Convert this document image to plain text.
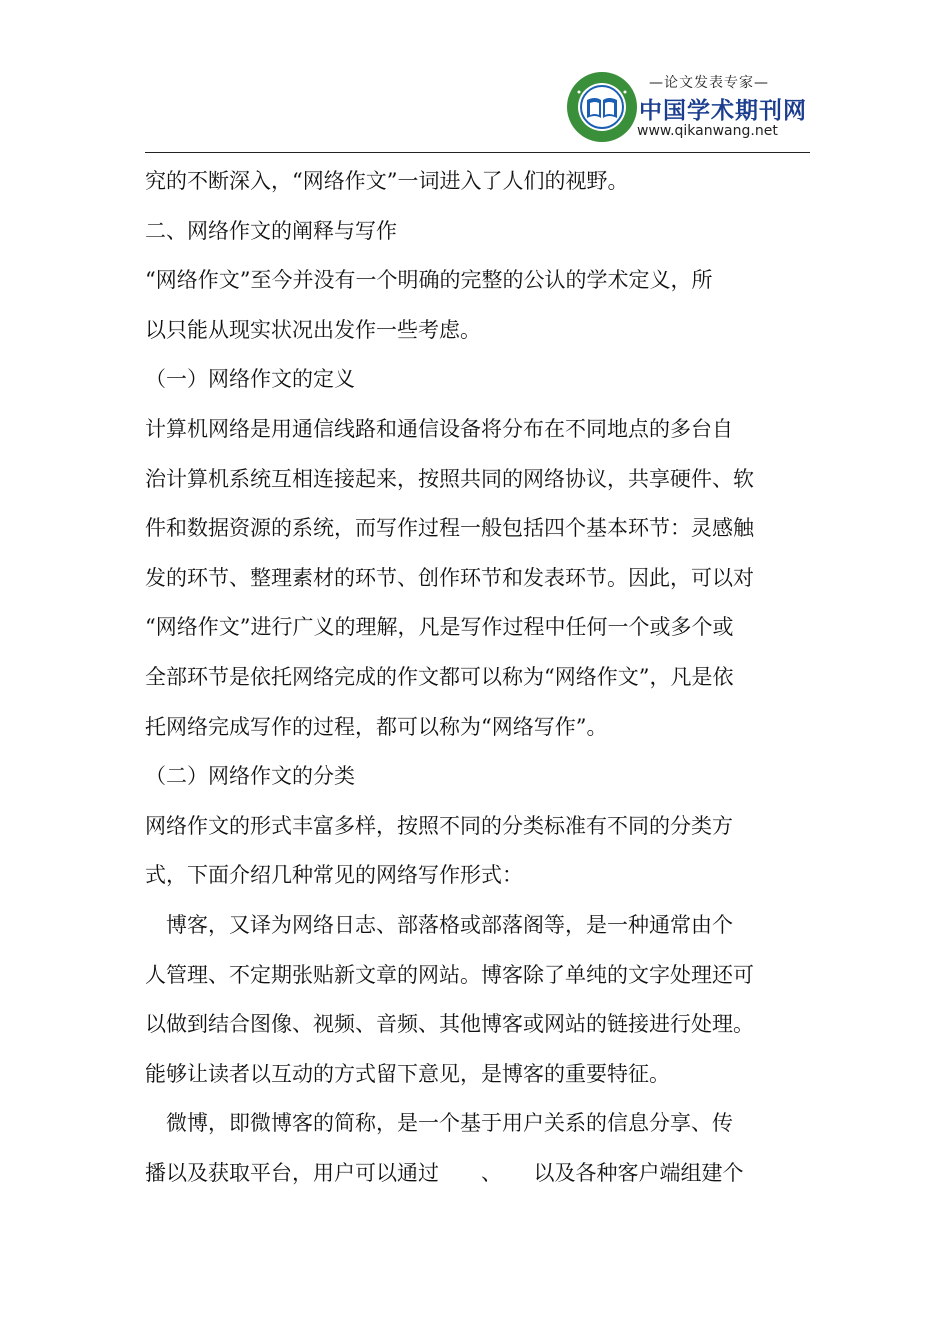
—论文发表专家—
中国学术期刊网
www.qikanwang.net
究的不断深入，“网络作文”一词进入了人们的视野。
二、网络作文的阐释与写作
“网络作文”至今并没有一个明确的完整的公认的学术定义，所
以只能从现实状况出发作一些考虑。
（一）网络作文的定义
计算机网络是用通信线路和通信设备将分布在不同地点的多台自
治计算机系统互相连接起来，按照共同的网络协议，共享硬件、软
件和数据资源的系统，而写作过程一般包括四个基本环节：灵感触
发的环节、整理素材的环节、创作环节和发表环节。因此，可以对
“网络作文”进行广义的理解，凡是写作过程中任何一个或多个或
全部环节是依托网络完成的作文都可以称为“网络作文”，凡是依
托网络完成写作的过程，都可以称为“网络写作”。
（二）网络作文的分类
网络作文的形式丰富多样，按照不同的分类标准有不同的分类方
式，下面介绍几种常见的网络写作形式：
　博客，又译为网络日志、部落格或部落阁等，是一种通常由个
人管理、不定期张贴新文章的网站。博客除了单纯的文字处理还可
以做到结合图像、视频、音频、其他博客或网站的链接进行处理。
能够让读者以互动的方式留下意见，是博客的重要特征。
　微博，即微博客的简称，是一个基于用户关系的信息分享、传
播以及获取平台，用户可以通过　　、　　以及各种客户端组建个
